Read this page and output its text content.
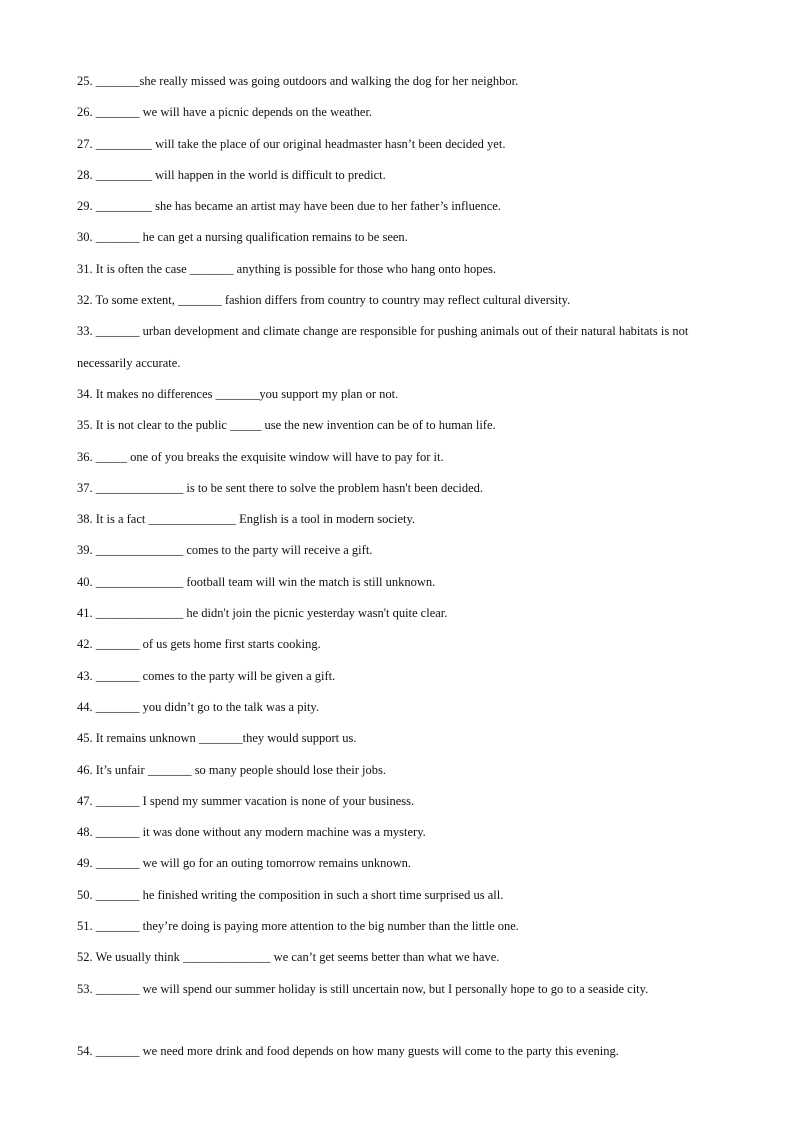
25. _______she really missed was going outdoors and walking the dog for her neighbor.
26. _______ we will have a picnic depends on the weather.
27. _________ will take the place of our original headmaster hasn’t been decided yet.
28. _________ will happen in the world is difficult to predict.
29. _________ she has became an artist may have been due to her father’s influence.
30. _______ he can get a nursing qualification remains to be seen.
31. It is often the case _______ anything is possible for those who hang onto hopes.
32. To some extent, _______ fashion differs from country to country may reflect cultural diversity.
33. _______ urban development and climate change are responsible for pushing animals out of their natural habitats is not necessarily accurate.
34. It makes no differences _______you support my plan or not.
35. It is not clear to the public _____ use the new invention can be of to human life.
36. _____ one of you breaks the exquisite window will have to pay for it.
37. ______________ is to be sent there to solve the problem hasn't been decided.
38. It is a fact ______________ English is a tool in modern society.
39. ______________ comes to the party will receive a gift.
40. ______________ football team will win the match is still unknown.
41. ______________ he didn't join the picnic yesterday wasn't quite clear.
42. _______ of us gets home first starts cooking.
43. _______ comes to the party will be given a gift.
44. _______ you didn’t go to the talk was a pity.
45. It remains unknown _______they would support us.
46. It’s unfair _______ so many people should lose their jobs.
47. _______ I spend my summer vacation is none of your business.
48. _______ it was done without any modern machine was a mystery.
49. _______ we will go for an outing tomorrow remains unknown.
50. _______ he finished writing the composition in such a short time surprised us all.
51. _______ they’re doing is paying more attention to the big number than the little one.
52. We usually think ______________ we can’t get seems better than what we have.
53. _______ we will spend our summer holiday is still uncertain now, but I personally hope to go to a seaside city.
54. _______ we need more drink and food depends on how many guests will come to the party this evening.
